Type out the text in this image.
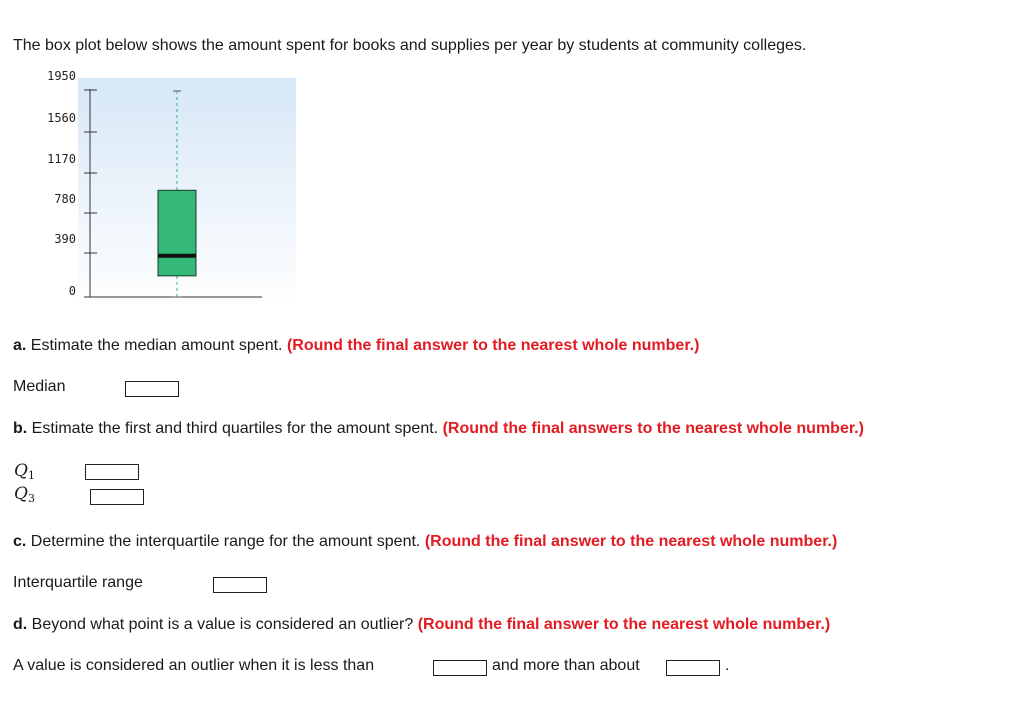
The box plot below shows the amount spent for books and supplies per year by students at community colleges.
1950
1560
1170
780
390
0
a. Estimate the median amount spent. (Round the final answer to the nearest whole number.)
Median
b. Estimate the first and third quartiles for the amount spent. (Round the final answers to the nearest whole number.)
Q1
Q3
c. Determine the interquartile range for the amount spent. (Round the final answer to the nearest whole number.)
Interquartile range
d. Beyond what point is a value is considered an outlier? (Round the final answer to the nearest whole number.)
A value is considered an outlier when it is less than	and more than about	.
